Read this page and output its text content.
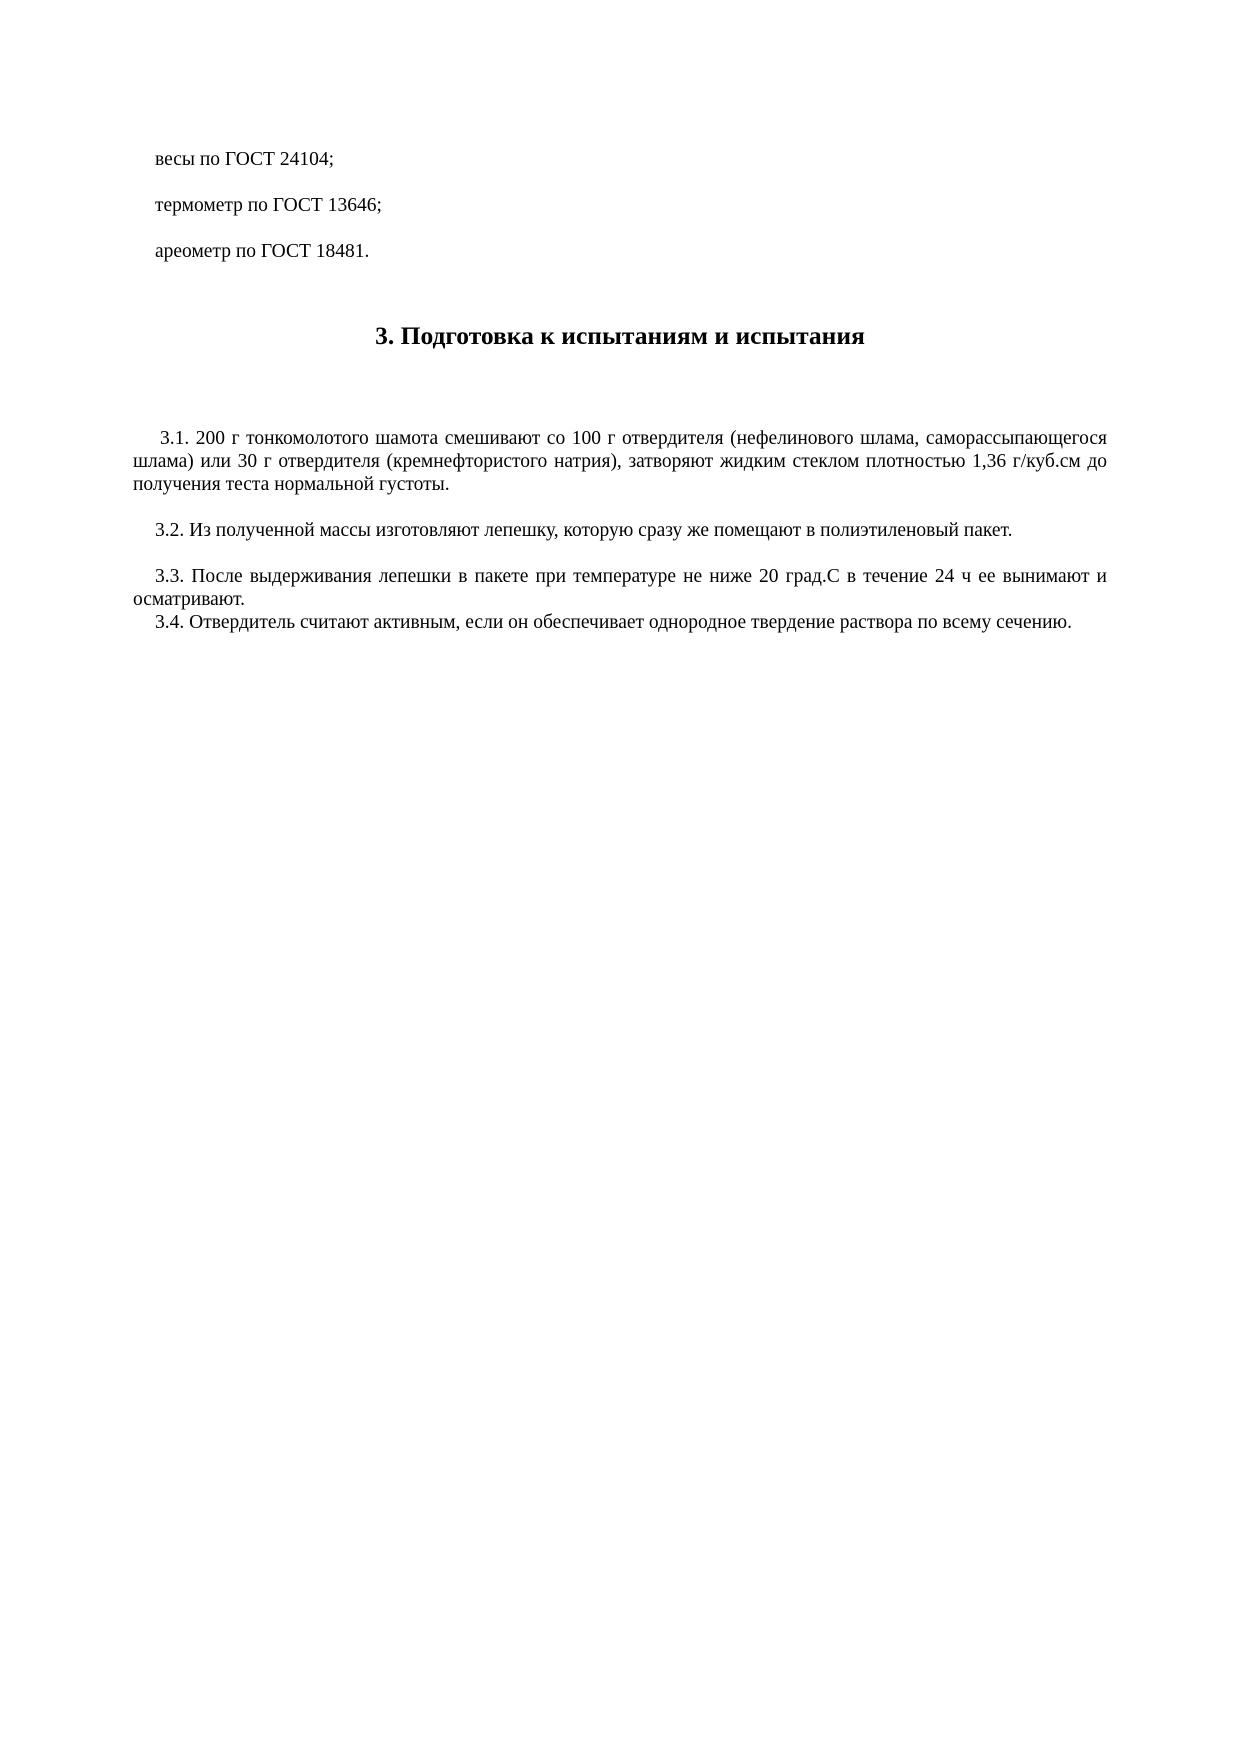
весы по ГОСТ 24104;
термометр по ГОСТ 13646;
ареометр по ГОСТ 18481.
3. Подготовка к испытаниям и испытания

3.1. 200 г тонкомолотого шамота смешивают со 100 г отвердителя (нефелинового шлама, самораcсыпающегося шлама) или 30 г отвердителя (кремнефтористого натрия), затворяют жидким стеклом плотностью 1,36 г/куб.см до получения теста нормальной густоты.

3.2. Из полученной массы изготовляют лепешку, которую сразу же помещают в полиэтиленовый пакет.

3.3. После выдерживания лепешки в пакете при температуре не ниже 20 град.С в течение 24 ч ее вынимают и осматривают.

3.4. Отвердитель считают активным, если он обеспечивает однородное твердение раствора по всему сечению.
